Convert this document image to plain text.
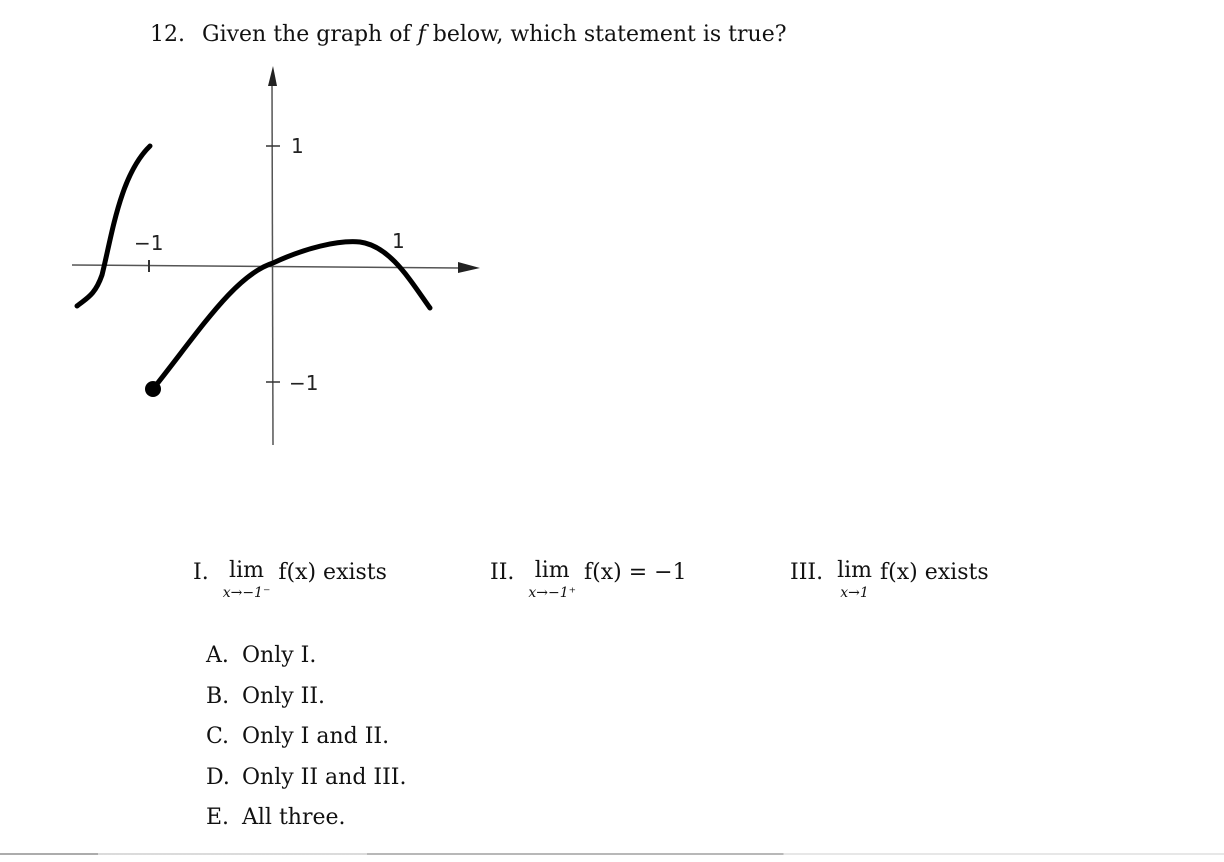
12. Given the graph of f below, which statement is true?
1
−1
−1	1
I. lim
x→−1⁻
f(x) exists	II. lim
x→−1⁺
f(x) = −1	III. lim
x→1
f(x) exists
A. Only I.
B. Only II.
C. Only I and II.
D. Only II and III.
E. All three.
